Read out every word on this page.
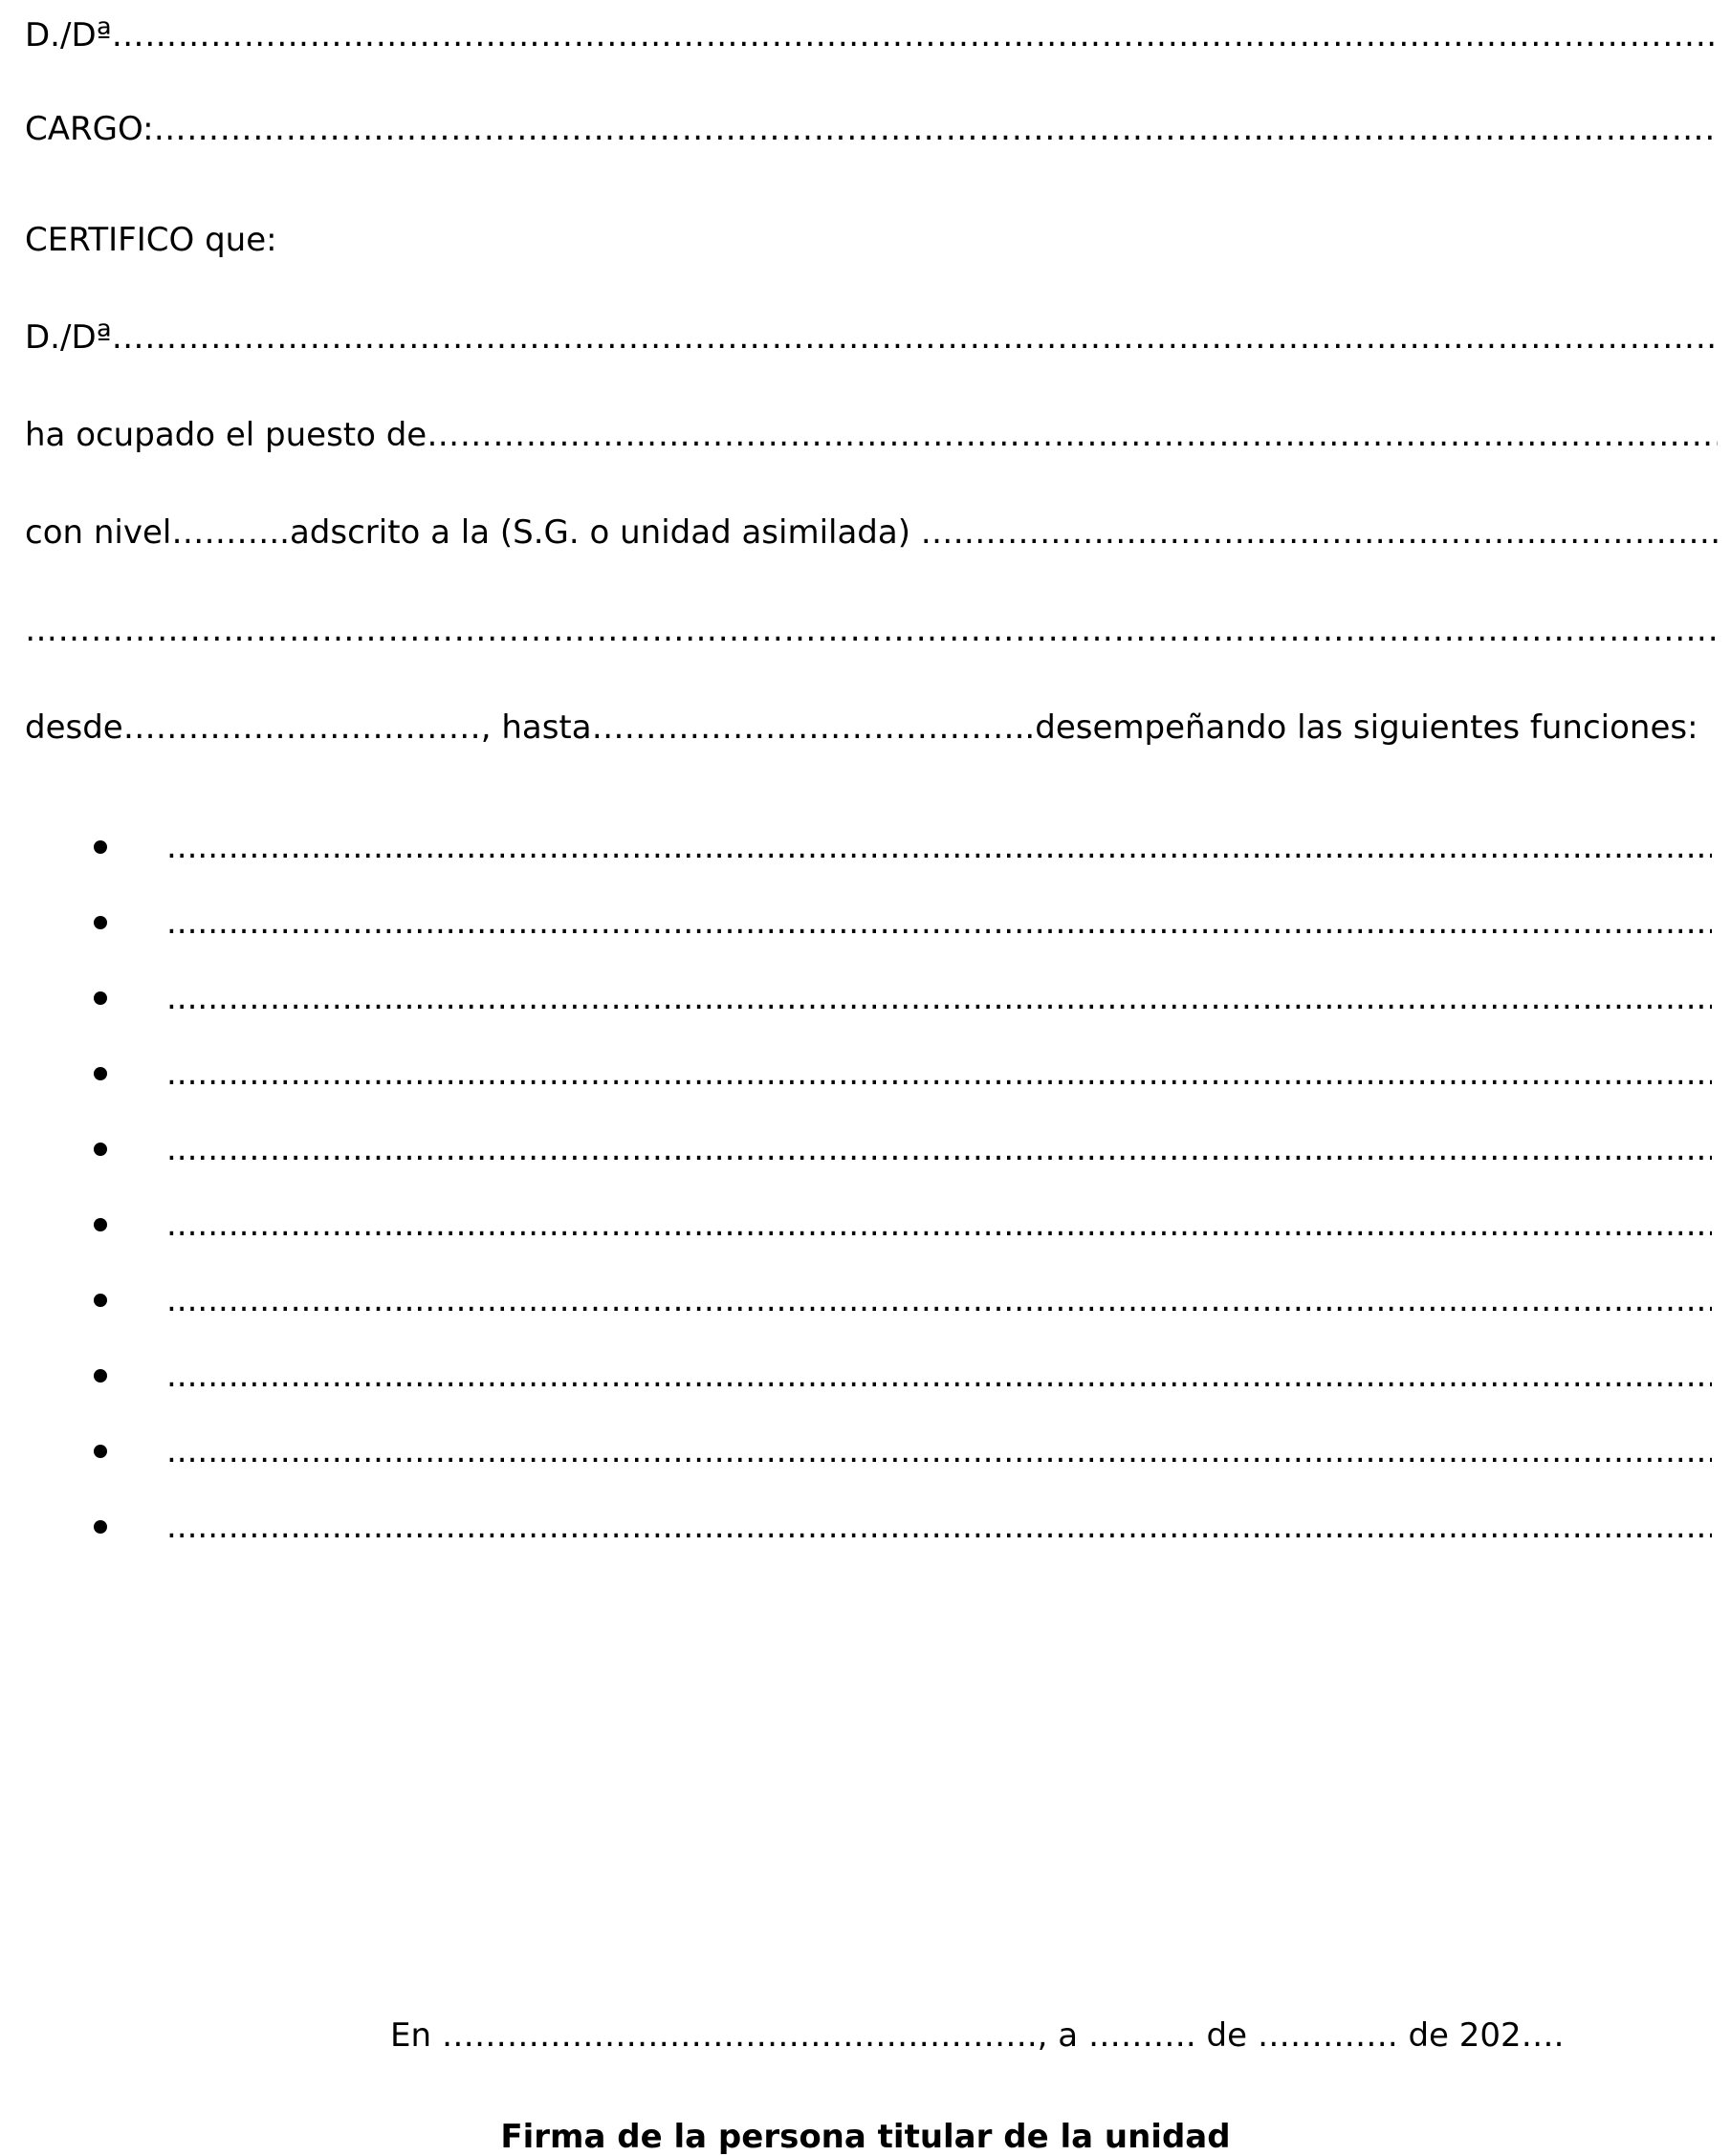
D./Dª
……………………………………………………………………………………………………………………………………………………………………………………………………………………………………………………………………………………………………………………………………
CARGO:
……………………………………………………………………………………………………………………………………………………………………………………………………………………………………………………………………………………………………………………………………
CERTIFICO que:
D./Dª
……………………………………………………………………………………………………………………………………………………………………………………………………………………………………………………………………………………………………………………………………
ha ocupado el puesto de
……………………………………………………………………………………………………………………………………………………………………………………………………………………………………………………………………………………………………………………………………
con nivel ……….. adscrito a la (S.G. o unidad asimilada)
.....
……………………………………………………………………………………………………………………………………………………………………………………………………………………………………………………………………………………………………………………………………
desde …………………………… , hasta ………………………………….. desempeñando las siguientes funciones:
.....
.....
.....
.....
.....
.....
.....
.....
.....
.....
En ………………………………………………., a ………. de …………. de 202….
Firma de la persona titular de la unidad
